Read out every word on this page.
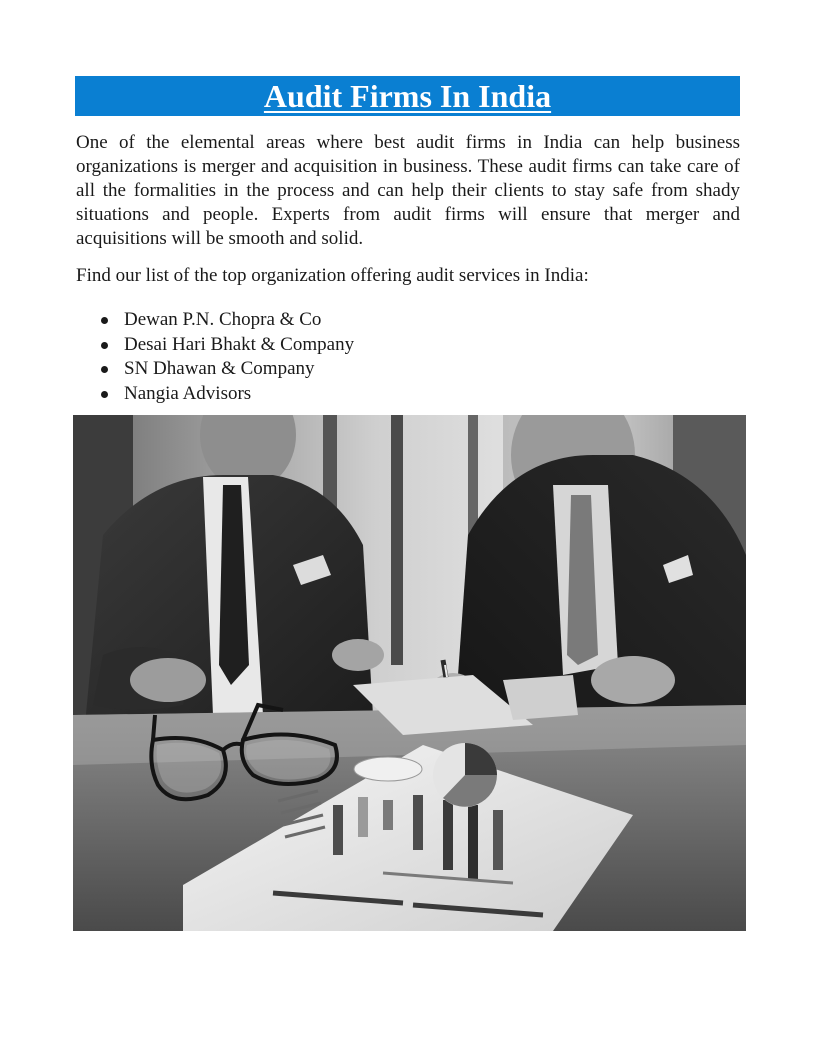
Audit Firms In India

One of the elemental areas where best audit firms in India can help business organizations is merger and acquisition in business. These audit firms can take care of all the formalities in the process and can help their clients to stay safe from shady situations and people. Experts from audit firms will ensure that merger and acquisitions will be smooth and solid.

Find our list of the top organization offering audit services in India:

Dewan P.N. Chopra & Co
Desai Hari Bhakt & Company
SN Dhawan & Company
Nangia Advisors
